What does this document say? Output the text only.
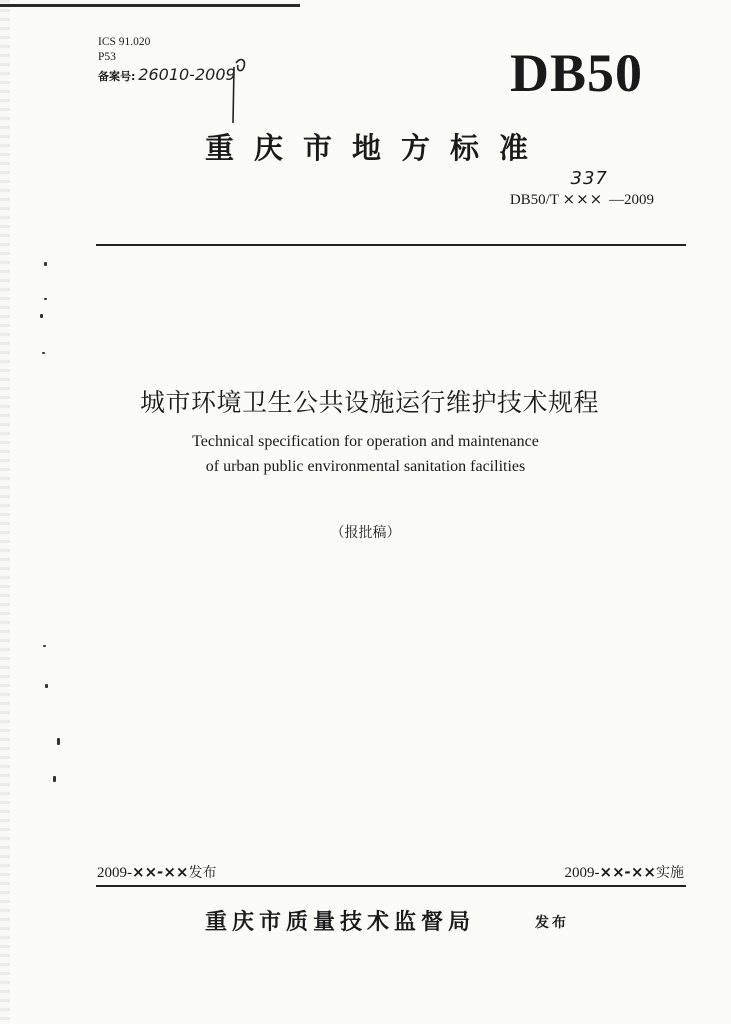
ICS 91.020
P53
备案号: 26010-2009	DB50
重庆市地方标准
DB50/T
337
××× —2009
城市环境卫生公共设施运行维护技术规程
Technical specification for operation and maintenance
of urban public environmental sanitation facilities
（报批稿）
2009-××-××发布	2009-××-××实施
重庆市质量技术监督局	发布
